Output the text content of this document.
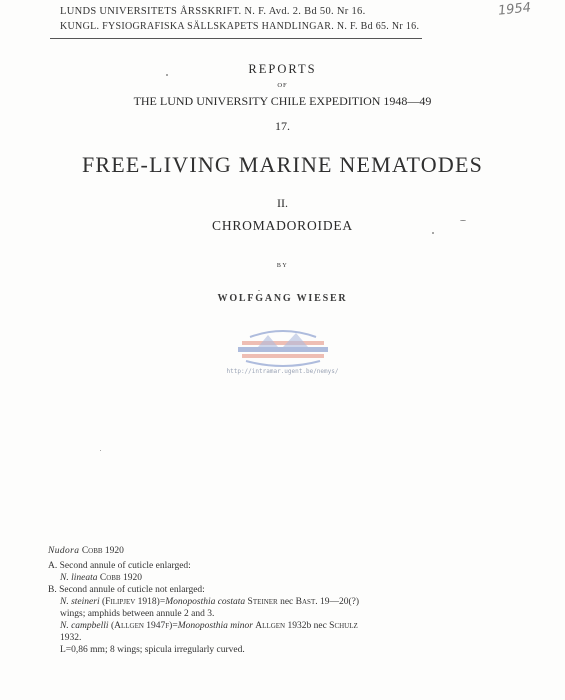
LUNDS UNIVERSITETS ÅRSSKRIFT. N. F. Avd. 2. Bd 50. Nr 16.
KUNGL. FYSIOGRAFISKA SÄLLSKAPETS HANDLINGAR. N. F. Bd 65. Nr 16.
1954
REPORTS
OF
THE LUND UNIVERSITY CHILE EXPEDITION 1948—49
17.
FREE-LIVING MARINE NEMATODES
II.
CHROMADOROIDEA
BY
WOLFGANG WIESER
http://intramar.ugent.be/nemys/
Nudora Cobb 1920
A. Second annule of cuticle enlarged:
N. lineata Cobb 1920
B. Second annule of cuticle not enlarged:
N. steineri (Filipjev 1918)=Monoposthia costata Steiner nec Bast. 19—20(?)
wings; amphids between annule 2 and 3.
N. campbelli (Allgen 1947f)=Monoposthia minor Allgen 1932b nec Schulz
1932.
L=0,86 mm; 8 wings; spicula irregularly curved.
